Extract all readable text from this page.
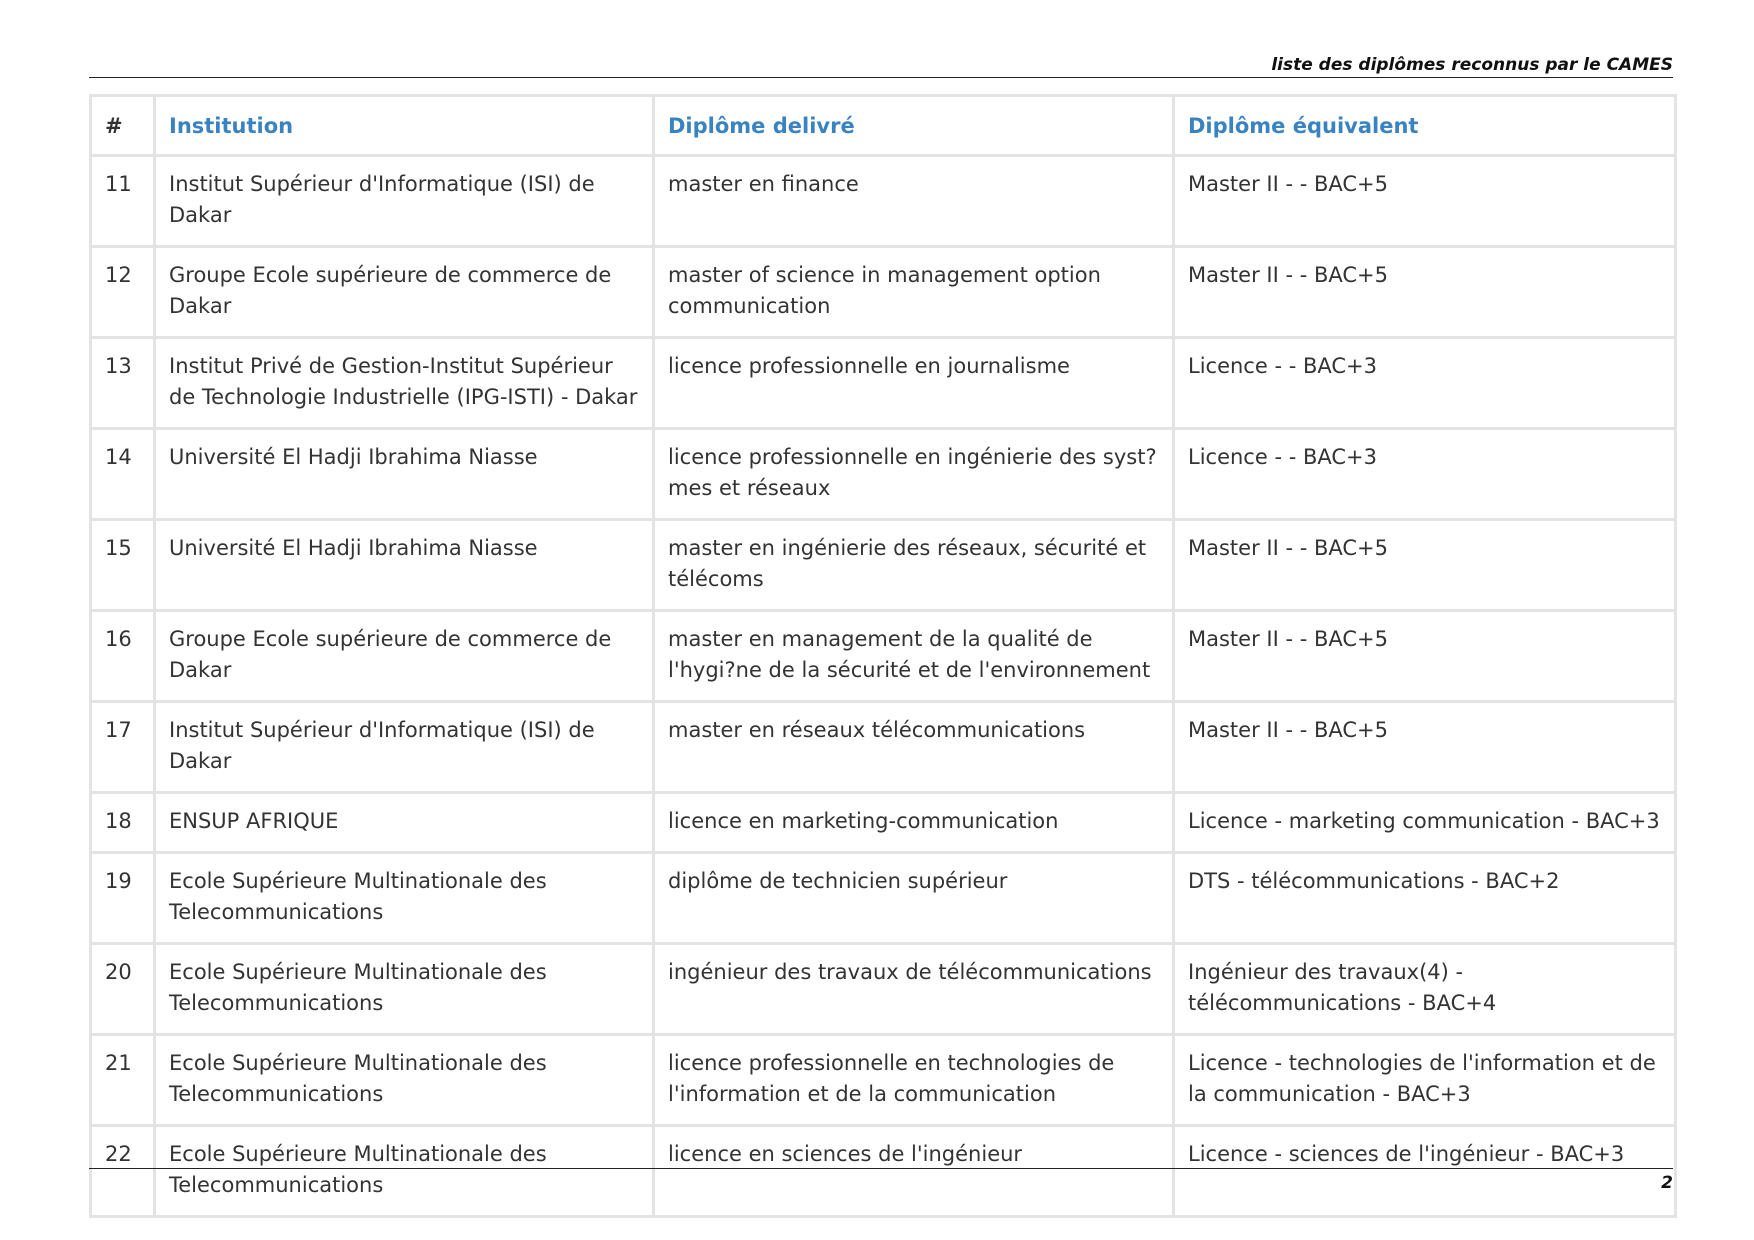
liste des diplômes reconnus par le CAMES
#	Institution	Diplôme delivré	Diplôme équivalent
11	Institut Supérieur d'Informatique (ISI) de Dakar	master en finance	Master II - - BAC+5
12	Groupe Ecole supérieure de commerce de Dakar	master of science in management option communication	Master II - - BAC+5
13	Institut Privé de Gestion-Institut Supérieur de Technologie Industrielle (IPG-ISTI) - Dakar	licence professionnelle en journalisme	Licence - - BAC+3
14	Université El Hadji Ibrahima Niasse	licence professionnelle en ingénierie des syst?mes et réseaux	Licence - - BAC+3
15	Université El Hadji Ibrahima Niasse	master en ingénierie des réseaux, sécurité et télécoms	Master II - - BAC+5
16	Groupe Ecole supérieure de commerce de Dakar	master en management de la qualité de l'hygi?ne de la sécurité et de l'environnement	Master II - - BAC+5
17	Institut Supérieur d'Informatique (ISI) de Dakar	master en réseaux télécommunications	Master II - - BAC+5
18	ENSUP AFRIQUE	licence en marketing-communication	Licence - marketing communication - BAC+3
19	Ecole Supérieure Multinationale des Telecommunications	diplôme de technicien supérieur	DTS - télécommunications - BAC+2
20	Ecole Supérieure Multinationale des Telecommunications	ingénieur des travaux de télécommunications	Ingénieur des travaux(4) - télécommunications - BAC+4
21	Ecole Supérieure Multinationale des Telecommunications	licence professionnelle en technologies de l'information et de la communication	Licence - technologies de l'information et de la communication - BAC+3
22	Ecole Supérieure Multinationale des Telecommunications	licence en sciences de l'ingénieur	Licence - sciences de l'ingénieur - BAC+3
2
